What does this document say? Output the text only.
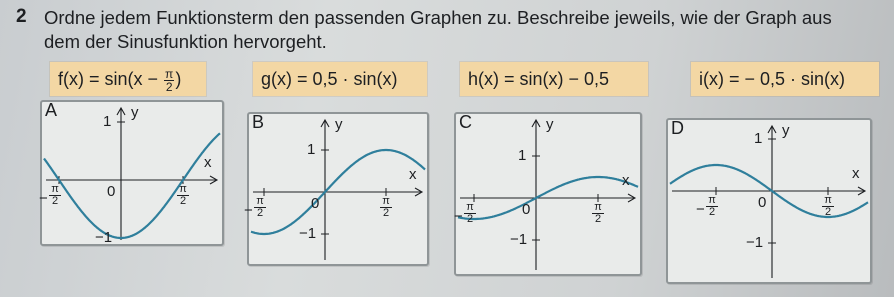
2 Ordne jedem Funktionsterm den passenden Graphen zu. Beschreibe jeweils, wie der Graph aus dem der Sinusfunktion hervorgeht.
$f(x) = \sin(x - \frac{\pi}{2}$ )	g(x) = 0,5 · sin(x)	h(x) = sin(x) − 0,5	i(x) = − 0,5 · sin(x)
A	y
x
1
−1
0
− $\frac{\pi}{2}$	$\frac{\pi}{2}$
B	y
x
1
−1
0
− $\frac{\pi}{2}$	$\frac{\pi}{2}$
C	y
x
1
−1
0
− $\frac{\pi}{2}$	$\frac{\pi}{2}$
D	y
x
1
−1
0
− $\frac{\pi}{2}$	$\frac{\pi}{2}$
